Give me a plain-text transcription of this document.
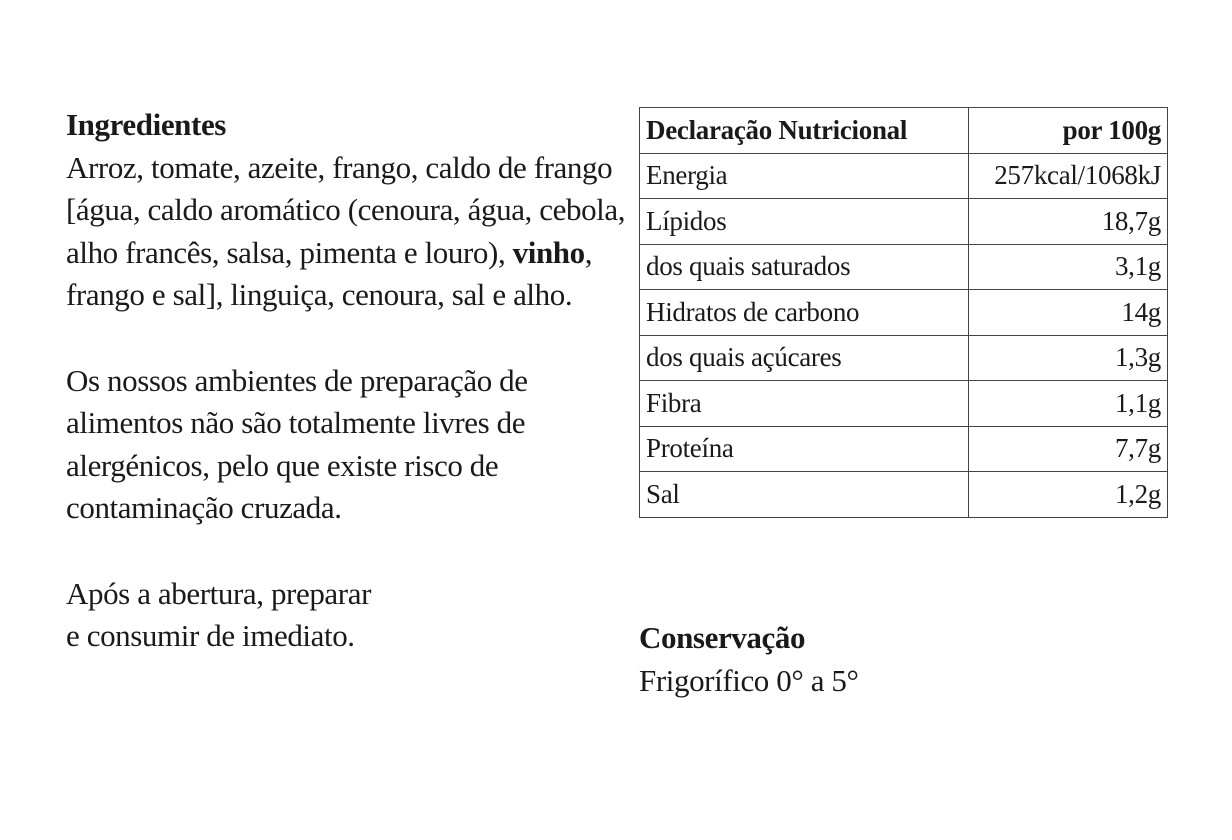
Ingredientes
Arroz, tomate, azeite, frango, caldo de frango [água, caldo aromático (cenoura, água, cebola, alho francês, salsa, pimenta e louro), vinho, frango e sal], linguiça, cenoura, sal e alho.
Os nossos ambientes de preparação de alimentos não são totalmente livres de alergénicos, pelo que existe risco de contaminação cruzada.
Após a abertura, preparar
e consumir de imediato.
Declaração Nutricional	por 100g
Energia	257kcal/1068kJ
Lípidos	18,7g
dos quais saturados	3,1g
Hidratos de carbono	14g
dos quais açúcares	1,3g
Fibra	1,1g
Proteína	7,7g
Sal	1,2g
Conservação
Frigorífico 0° a 5°
